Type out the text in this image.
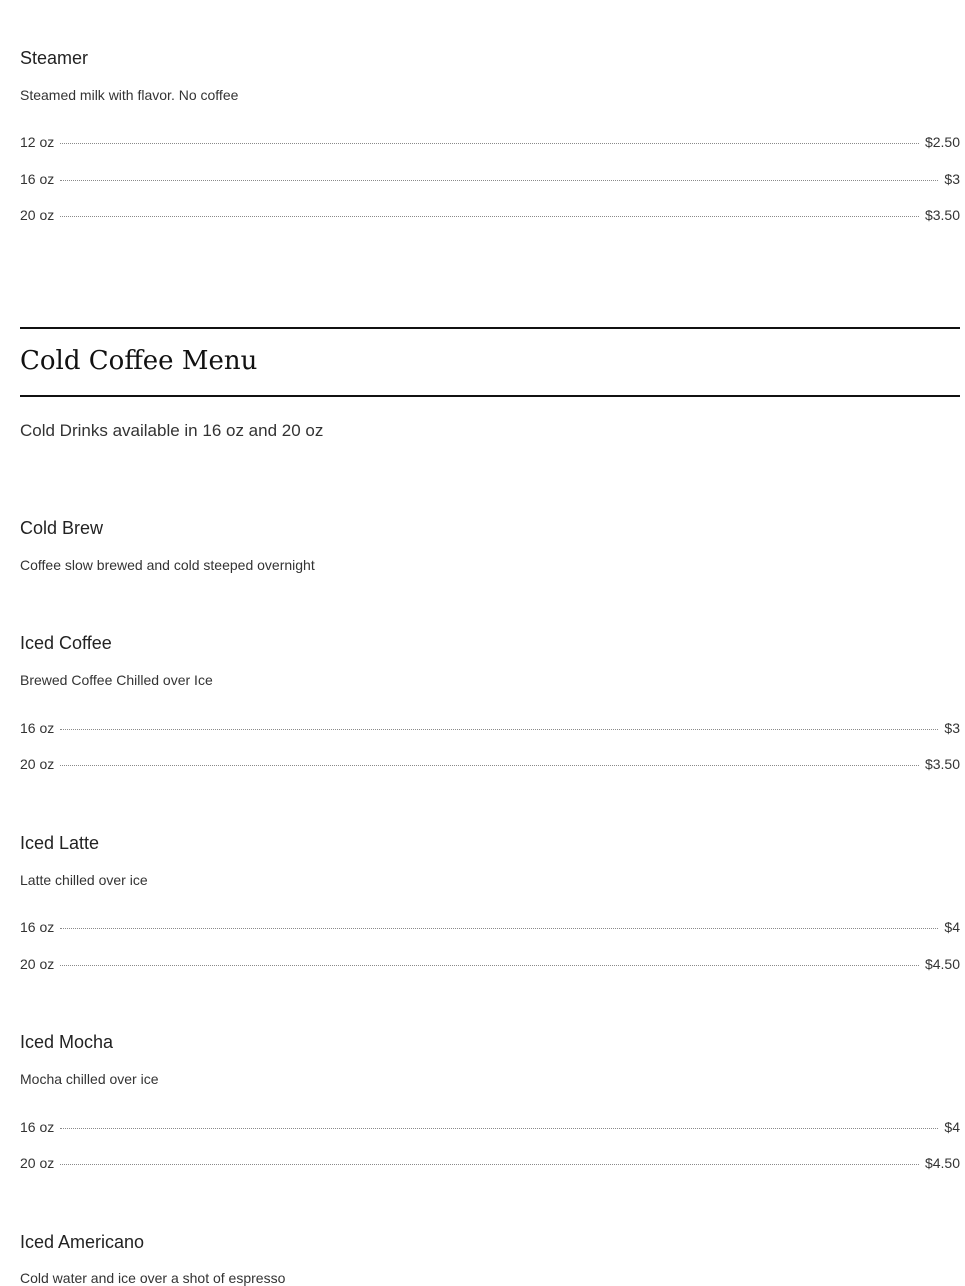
Steamer
Steamed milk with flavor. No coffee
12 oz	$2.50
16 oz	$3
20 oz	$3.50
Cold Coffee Menu
Cold Drinks available in 16 oz and 20 oz
Cold Brew
Coffee slow brewed and cold steeped overnight
Iced Coffee
Brewed Coffee Chilled over Ice
16 oz	$3
20 oz	$3.50
Iced Latte
Latte chilled over ice
16 oz	$4
20 oz	$4.50
Iced Mocha
Mocha chilled over ice
16 oz	$4
20 oz	$4.50
Iced Americano
Cold water and ice over a shot of espresso
